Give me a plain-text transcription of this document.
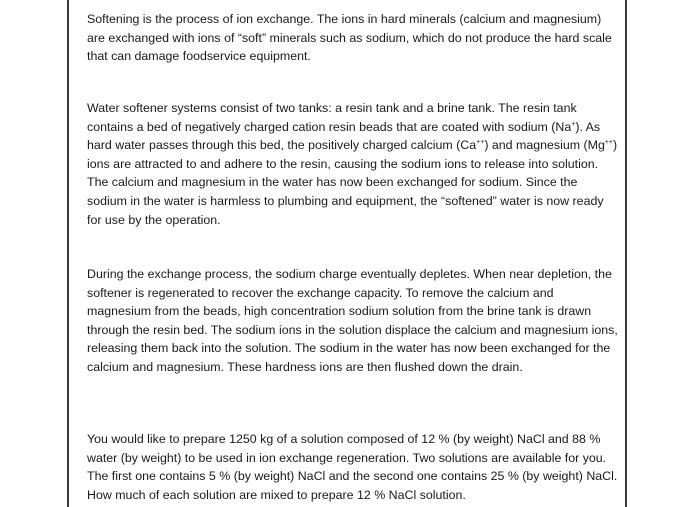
Softening is the process of ion exchange. The ions in hard minerals (calcium and magnesium) are exchanged with ions of “soft” minerals such as sodium, which do not produce the hard scale that can damage foodservice equipment.

Water softener systems consist of two tanks: a resin tank and a brine tank. The resin tank contains a bed of negatively charged cation resin beads that are coated with sodium (Na+). As hard water passes through this bed, the positively charged calcium (Ca++) and magnesium (Mg++) ions are attracted to and adhere to the resin, causing the sodium ions to release into solution. The calcium and magnesium in the water has now been exchanged for sodium. Since the sodium in the water is harmless to plumbing and equipment, the “softened” water is now ready for use by the operation.

During the exchange process, the sodium charge eventually depletes. When near depletion, the softener is regenerated to recover the exchange capacity. To remove the calcium and magnesium from the beads, high concentration sodium solution from the brine tank is drawn through the resin bed. The sodium ions in the solution displace the calcium and magnesium ions, releasing them back into the solution. The sodium in the water has now been exchanged for the calcium and magnesium. These hardness ions are then flushed down the drain.

You would like to prepare 1250 kg of a solution composed of 12 % (by weight) NaCl and 88 % water (by weight) to be used in ion exchange regeneration. Two solutions are available for you. The first one contains 5 % (by weight) NaCl and the second one contains 25 % (by weight) NaCl. How much of each solution are mixed to prepare 12 % NaCl solution.
